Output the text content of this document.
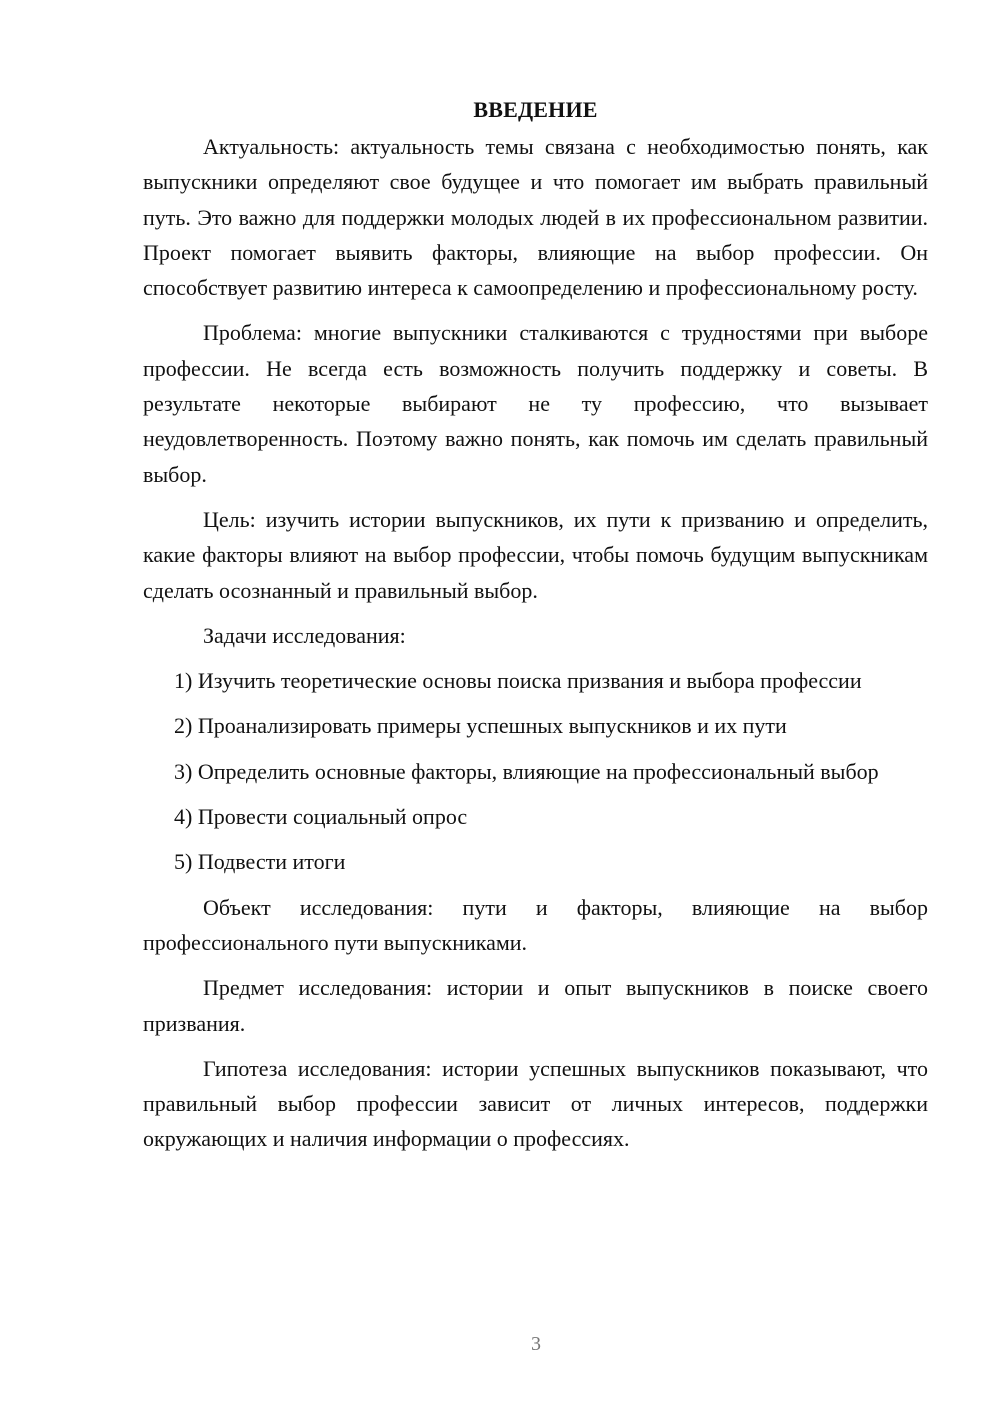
ВВЕДЕНИЕ

Актуальность: актуальность темы связана с необходимостью понять, как выпускники определяют свое будущее и что помогает им выбрать правильный путь. Это важно для поддержки молодых людей в их профессиональном развитии. Проект помогает выявить факторы, влияющие на выбор профессии. Он способствует развитию интереса к самоопределению и профессиональному росту.

Проблема: многие выпускники сталкиваются с трудностями при выборе профессии. Не всегда есть возможность получить поддержку и советы. В результате некоторые выбирают не ту профессию, что вызывает неудовлетворенность. Поэтому важно понять, как помочь им сделать правильный выбор.

Цель: изучить истории выпускников, их пути к призванию и определить, какие факторы влияют на выбор профессии, чтобы помочь будущим выпускникам сделать осознанный и правильный выбор.

Задачи исследования:

1) Изучить теоретические основы поиска призвания и выбора профессии

2) Проанализировать примеры успешных выпускников и их пути

3) Определить основные факторы, влияющие на профессиональный выбор

4) Провести социальный опрос

5) Подвести итоги

Объект исследования: пути и факторы, влияющие на выбор профессионального пути выпускниками.

Предмет исследования: истории и опыт выпускников в поиске своего призвания.

Гипотеза исследования: истории успешных выпускников показывают, что правильный выбор профессии зависит от личных интересов, поддержки окружающих и наличия информации о профессиях.

3
